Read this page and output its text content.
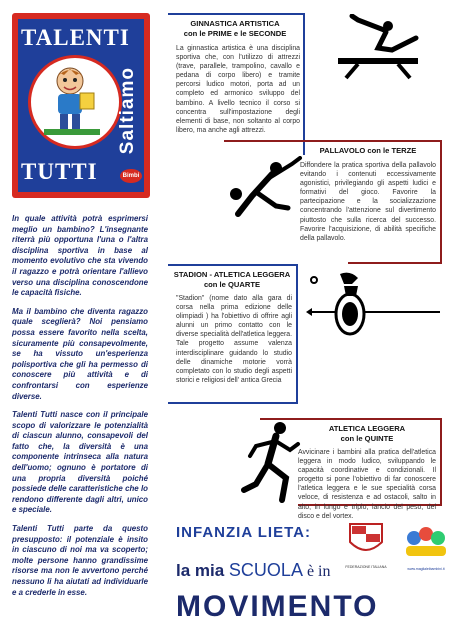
TALENTI
Saltiamo
TUTTI	Bimbi

In quale attività potrà esprimersi meglio un bambino? L'insegnante riterrà più opportuna l'una o l'altra disciplina sportiva in base al momento evolutivo che sta vivendo il ragazzo e potrà orientare l'allievo verso una disciplina conoscendone le capacità fisiche.

Ma il bambino che diventa ragazzo quale sceglierà? Noi pensiamo possa essere favorito nella scelta, sicuramente più consapevolmente, se ha vissuto un'esperienza polisportiva che gli ha permesso di conoscere più attività e di confrontarsi con esperienze diverse.

Talenti Tutti nasce con il principale scopo di valorizzare le potenzialità di ciascun alunno, consapevoli del fatto che, la diversità è una componente intrinseca alla natura dell'uomo; ognuno è portatore di una propria diversità poiché possiede delle caratteristiche che lo rendono differente dagli altri, unico e speciale.

Talenti Tutti parte da questo presupposto: il potenziale è insito in ciascuno di noi ma va scoperto; molte persone hanno grandissime risorse ma non le avvertono perché nessuno li ha aiutati ad individuarle e a crederle in esse.

GINNASTICA ARTISTICA
con le PRIME e le SECONDE
La ginnastica artistica è una disciplina sportiva che, con l'utilizzo di attrezzi (trave, parallele, trampolino, cavallo e pedana di corpo libero) e tramite percorsi ludico motori, porta ad un completo ed armonico sviluppo del bambino. A livello tecnico il corso si concentra sull'impostazione degli elementi di base, non soltanto al corpo libero, ma anche agli attrezzi.
PALLAVOLO con le TERZE
Diffondere la pratica sportiva della pallavolo evitando i contenuti eccessivamente agonistici, privilegiando gli aspetti ludici e formativi del gioco. Favorire la partecipazione e la socializzazione concentrando l'attenzione sul divertimento piuttosto che sulla ricerca del successo. Favorire l'acquisizione, di abilità specifiche della pallavolo.
STADION - ATLETICA LEGGERA
con le QUARTE
"Stadion" (nome dato alla gara di corsa nella prima edizione delle olimpiadi ) ha l'obiettivo di offrire agli alunni un primo contatto con le diverse specialità dell'atletica leggera. Tale progetto assume valenza interdisciplinare guidando lo studio delle dinamiche motorie vorrà completato con lo studio degli aspetti storici e religiosi dell' antica Grecia
ATLETICA LEGGERA
con le QUINTE
Avvicinare i bambini alla pratica dell'atletica leggera in modo ludico, sviluppando le capacità coordinative e condizionali. Il progetto si pone l'obiettivo di far conoscere l'atletica leggera e le sue specialità corsa veloce, di resistenza e ad ostacoli, salto in alto, in lungo e triplo, lancio del peso, del disco e del vortex.
INFANZIA LIETA:
FEDERAZIONE ITALIANA	www.maglialeibambini.it
la mia SCUOLA è in
MOVIMENTO
